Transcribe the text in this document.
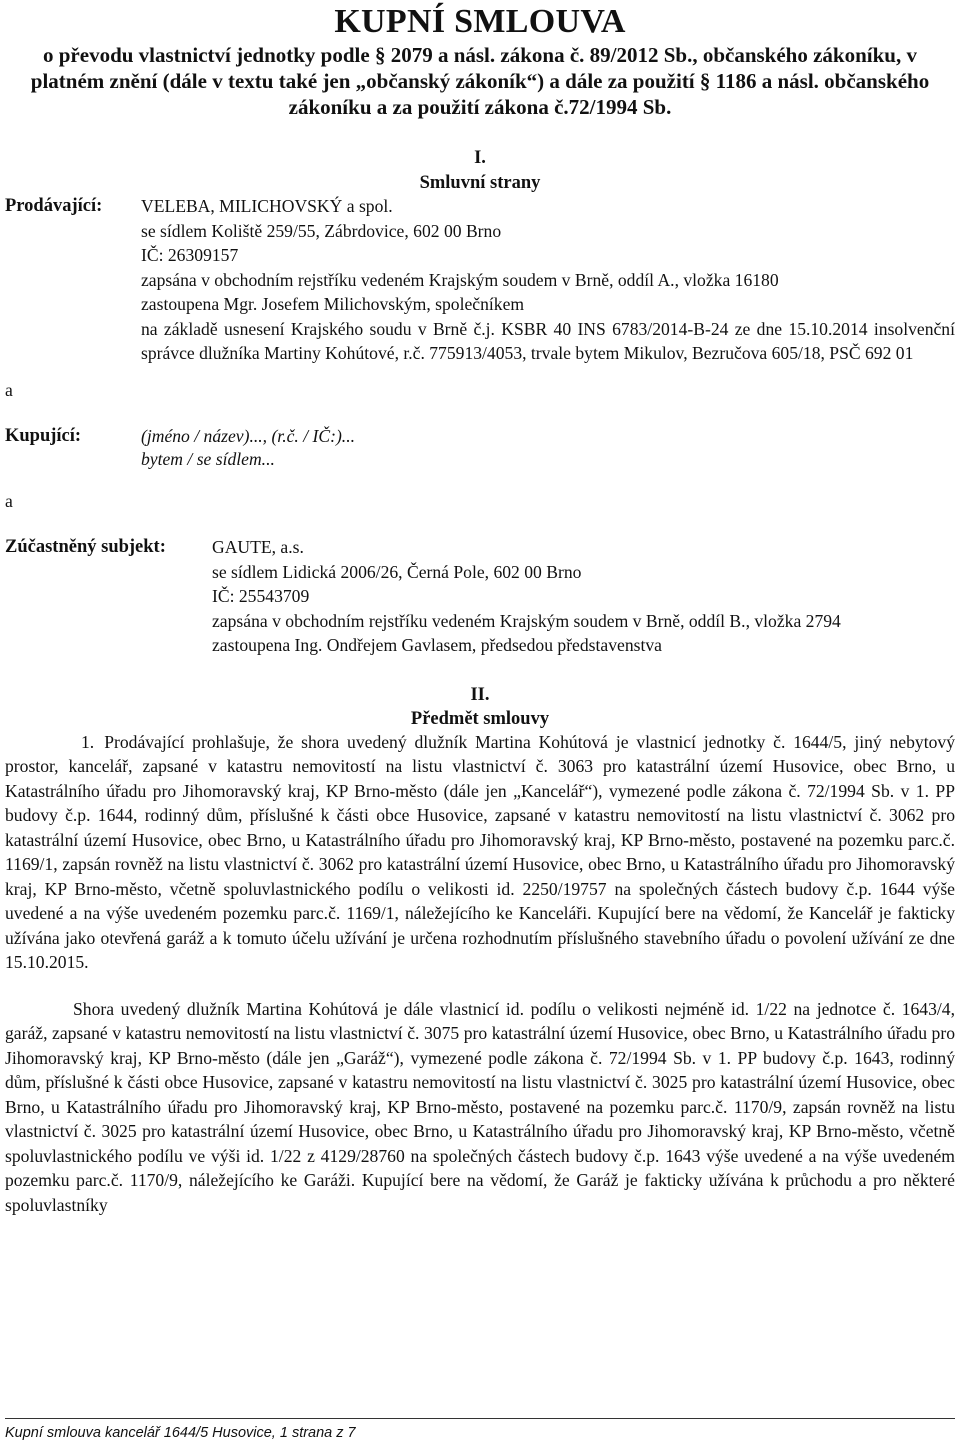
KUPNÍ SMLOUVA
o převodu vlastnictví jednotky podle § 2079 a násl. zákona č. 89/2012 Sb., občanského zákoníku, v platném znění (dále v textu také jen „občanský zákoník“) a dále za použití § 1186 a násl. občanského zákoníku a za použití zákona č.72/1994 Sb.
I.
Smluvní strany
Prodávající: VELEBA, MILICHOVSKÝ a spol.

se sídlem Koliště 259/55, Zábrdovice, 602 00 Brno

IČ: 26309157

zapsána v obchodním rejstříku vedeném Krajským soudem v Brně, oddíl A., vložka 16180

zastoupena Mgr. Josefem Milichovským, společníkem

na základě usnesení Krajského soudu v Brně č.j. KSBR 40 INS 6783/2014-B-24 ze dne 15.10.2014 insolvenční správce dlužníka Martiny Kohútové, r.č. 775913/4053, trvale bytem Mikulov, Bezručova 605/18, PSČ 692 01

a

Kupující:	(jméno / název)..., (r.č. / IČ:)...

bytem / se sídlem...

a

Zúčastněný subjekt:	GAUTE, a.s.

se sídlem Lidická 2006/26, Černá Pole, 602 00 Brno

IČ: 25543709

zapsána v obchodním rejstříku vedeném Krajským soudem v Brně, oddíl B., vložka 2794

zastoupena Ing. Ondřejem Gavlasem, předsedou představenstva

II.
Předmět smlouvy

1. Prodávající prohlašuje, že shora uvedený dlužník Martina Kohútová je vlastnicí jednotky č. 1644/5, jiný nebytový prostor, kancelář, zapsané v katastru nemovitostí na listu vlastnictví č. 3063 pro katastrální území Husovice, obec Brno, u Katastrálního úřadu pro Jihomoravský kraj, KP Brno-město (dále jen „Kancelář“), vymezené podle zákona č. 72/1994 Sb. v 1. PP budovy č.p. 1644, rodinný dům, příslušné k části obce Husovice, zapsané v katastru nemovitostí na listu vlastnictví č. 3062 pro katastrální území Husovice, obec Brno, u Katastrálního úřadu pro Jihomoravský kraj, KP Brno-město, postavené na pozemku parc.č. 1169/1, zapsán rovněž na listu vlastnictví č. 3062 pro katastrální území Husovice, obec Brno, u Katastrálního úřadu pro Jihomoravský kraj, KP Brno-město, včetně spoluvlastnického podílu o velikosti id. 2250/19757 na společných částech budovy č.p. 1644 výše uvedené a na výše uvedeném pozemku parc.č. 1169/1, náležejícího ke Kanceláři. Kupující bere na vědomí, že Kancelář je fakticky užívána jako otevřená garáž a k tomuto účelu užívání je určena rozhodnutím příslušného stavebního úřadu o povolení užívání ze dne 15.10.2015.

Shora uvedený dlužník Martina Kohútová je dále vlastnicí id. podílu o velikosti nejméně id. 1/22 na jednotce č. 1643/4, garáž, zapsané v katastru nemovitostí na listu vlastnictví č. 3075 pro katastrální území Husovice, obec Brno, u Katastrálního úřadu pro Jihomoravský kraj, KP Brno-město (dále jen „Garáž“), vymezené podle zákona č. 72/1994 Sb. v 1. PP budovy č.p. 1643, rodinný dům, příslušné k části obce Husovice, zapsané v katastru nemovitostí na listu vlastnictví č. 3025 pro katastrální území Husovice, obec Brno, u Katastrálního úřadu pro Jihomoravský kraj, KP Brno-město, postavené na pozemku parc.č. 1170/9, zapsán rovněž na listu vlastnictví č. 3025 pro katastrální území Husovice, obec Brno, u Katastrálního úřadu pro Jihomoravský kraj, KP Brno-město, včetně spoluvlastnického podílu ve výši id. 1/22 z 4129/28760 na společných částech budovy č.p. 1643 výše uvedené a na výše uvedeném pozemku parc.č. 1170/9, náležejícího ke Garáži. Kupující bere na vědomí, že Garáž je fakticky užívána k průchodu a pro některé spoluvlastníky

Kupní smlouva kancelář 1644/5 Husovice, 1 strana z 7
